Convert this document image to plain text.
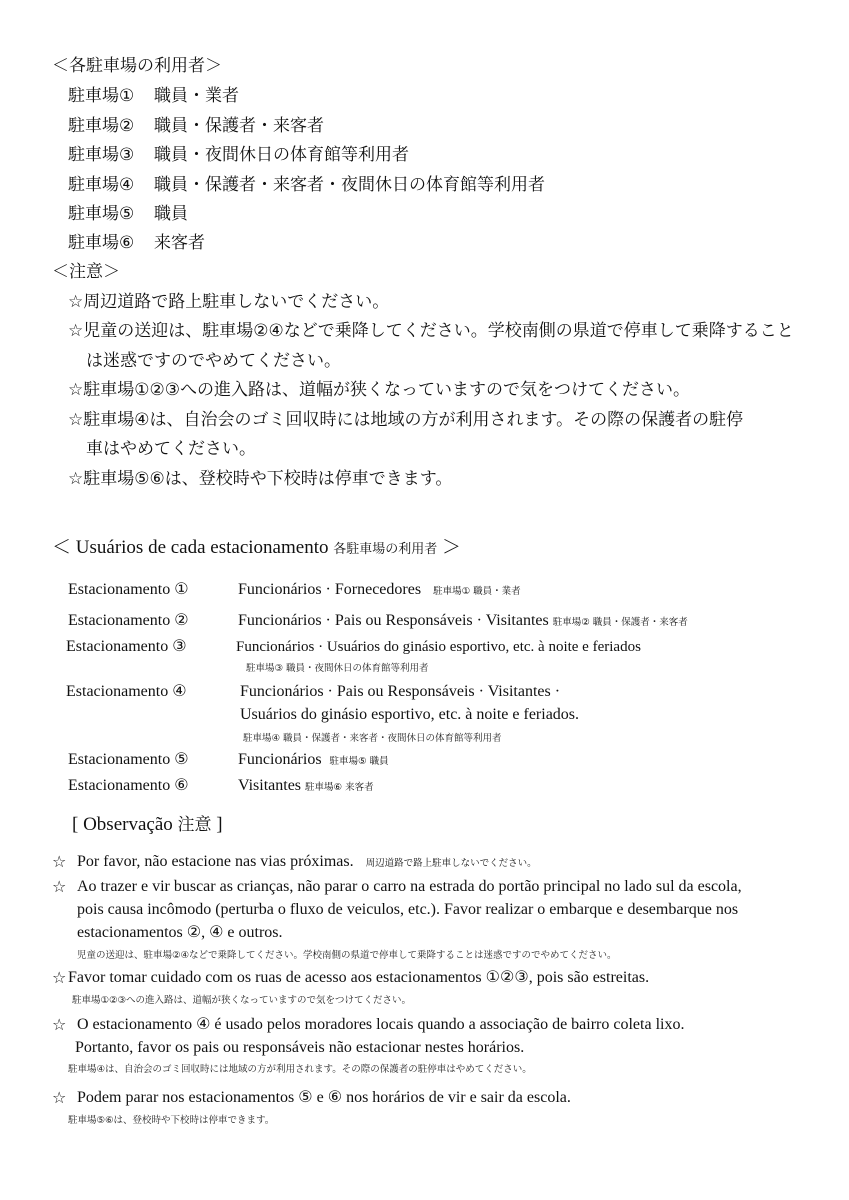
＜各駐車場の利用者＞
駐車場① 職員・業者
駐車場② 職員・保護者・来客者
駐車場③ 職員・夜間休日の体育館等利用者
駐車場④ 職員・保護者・来客者・夜間休日の体育館等利用者
駐車場⑤ 職員
駐車場⑥ 来客者
＜注意＞
☆周辺道路で路上駐車しないでください。
☆児童の送迎は、駐車場②④などで乗降してください。学校南側の県道で停車して乗降すること
は迷惑ですのでやめてください。
☆駐車場①②③への進入路は、道幅が狭くなっていますので気をつけてください。
☆駐車場④は、自治会のゴミ回収時には地域の方が利用されます。その際の保護者の駐停
車はやめてください。
☆駐車場⑤⑥は、登校時や下校時は停車できます。
＜ Usuários de cada estacionamento 各駐車場の利用者 ＞
Estacionamento ①	Funcionários · Fornecedores 駐車場① 職員・業者
Estacionamento ②	Funcionários · Pais ou Responsáveis · Visitantes 駐車場② 職員・保護者・来客者
Estacionamento ③	Funcionários · Usuários do ginásio esportivo, etc. à noite e feriados
駐車場③ 職員・夜間休日の体育館等利用者
Estacionamento ④	Funcionários · Pais ou Responsáveis · Visitantes ·
Usuários do ginásio esportivo, etc. à noite e feriados.
駐車場④ 職員・保護者・来客者・夜間休日の体育館等利用者
Estacionamento ⑤	Funcionários 駐車場⑤ 職員
Estacionamento ⑥	Visitantes 駐車場⑥ 来客者
[ Observação 注意 ]
☆ Por favor, não estacione nas vias próximas. 周辺道路で路上駐車しないでください。
☆ Ao trazer e vir buscar as crianças, não parar o carro na estrada do portão principal no lado sul da escola,
pois causa incômodo (perturba o fluxo de veiculos, etc.). Favor realizar o embarque e desembarque nos
estacionamentos ②, ④ e outros.
児童の送迎は、駐車場②④などで乗降してください。学校南側の県道で停車して乗降することは迷惑ですのでやめてください。
☆ Favor tomar cuidado com os ruas de acesso aos estacionamentos ①②③, pois são estreitas.
駐車場①②③への進入路は、道幅が狭くなっていますので気をつけてください。
☆ O estacionamento ④ é usado pelos moradores locais quando a associação de bairro coleta lixo.
Portanto, favor os pais ou responsáveis não estacionar nestes horários.
駐車場④は、自治会のゴミ回収時には地域の方が利用されます。その際の保護者の駐停車はやめてください。
☆ Podem parar nos estacionamentos ⑤ e ⑥ nos horários de vir e sair da escola.
駐車場⑤⑥は、登校時や下校時は停車できます。
